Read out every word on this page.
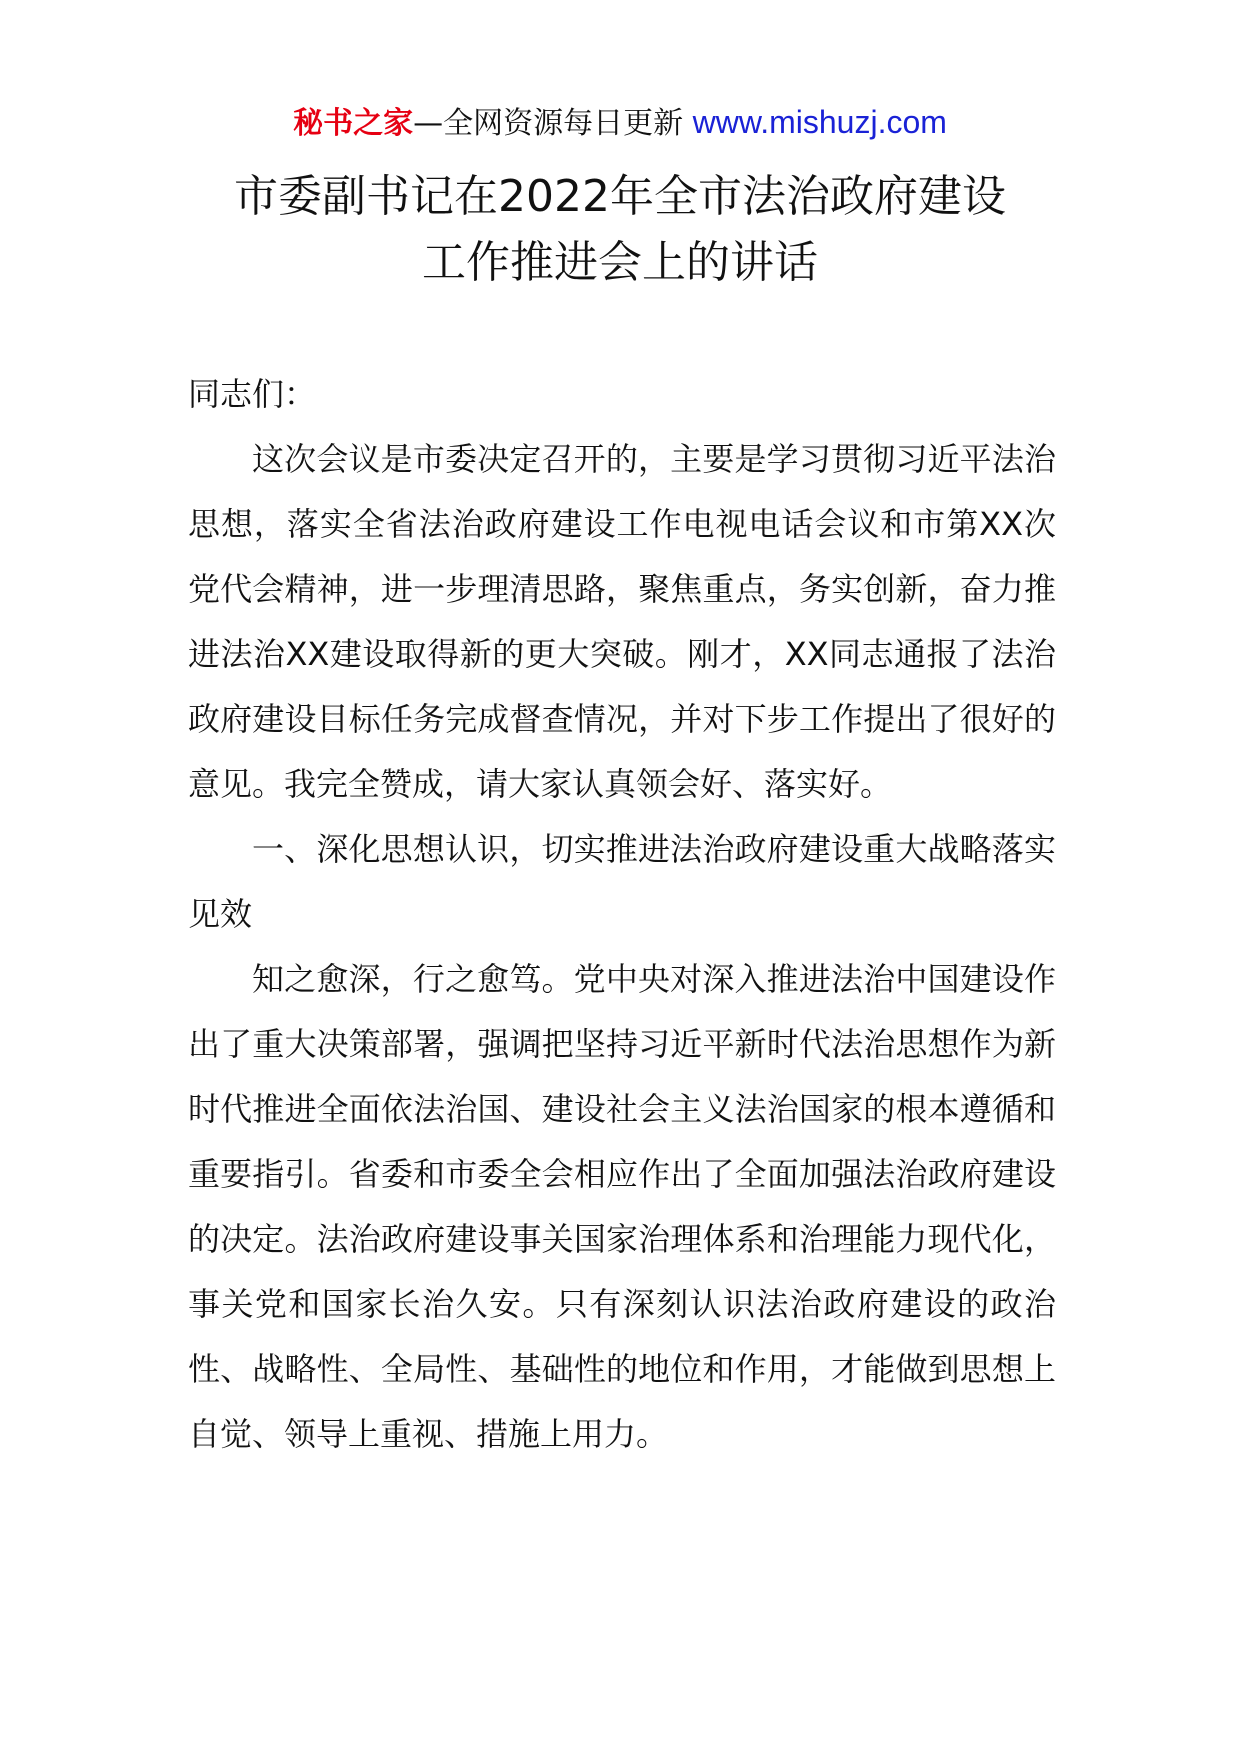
秘书之家—全网资源每日更新 www.mishuzj.com
市委副书记在2022年全市法治政府建设
工作推进会上的讲话

同志们：

这次会议是市委决定召开的，主要是学习贯彻习近平法治思想，落实全省法治政府建设工作电视电话会议和市第XX次党代会精神，进一步理清思路，聚焦重点，务实创新，奋力推进法治XX建设取得新的更大突破。刚才，XX同志通报了法治政府建设目标任务完成督查情况，并对下步工作提出了很好的意见。我完全赞成，请大家认真领会好、落实好。

一、深化思想认识，切实推进法治政府建设重大战略落实见效

知之愈深，行之愈笃。党中央对深入推进法治中国建设作出了重大决策部署，强调把坚持习近平新时代法治思想作为新时代推进全面依法治国、建设社会主义法治国家的根本遵循和重要指引。省委和市委全会相应作出了全面加强法治政府建设的决定。法治政府建设事关国家治理体系和治理能力现代化，事关党和国家长治久安。只有深刻认识法治政府建设的政治性、战略性、全局性、基础性的地位和作用，才能做到思想上自觉、领导上重视、措施上用力。
